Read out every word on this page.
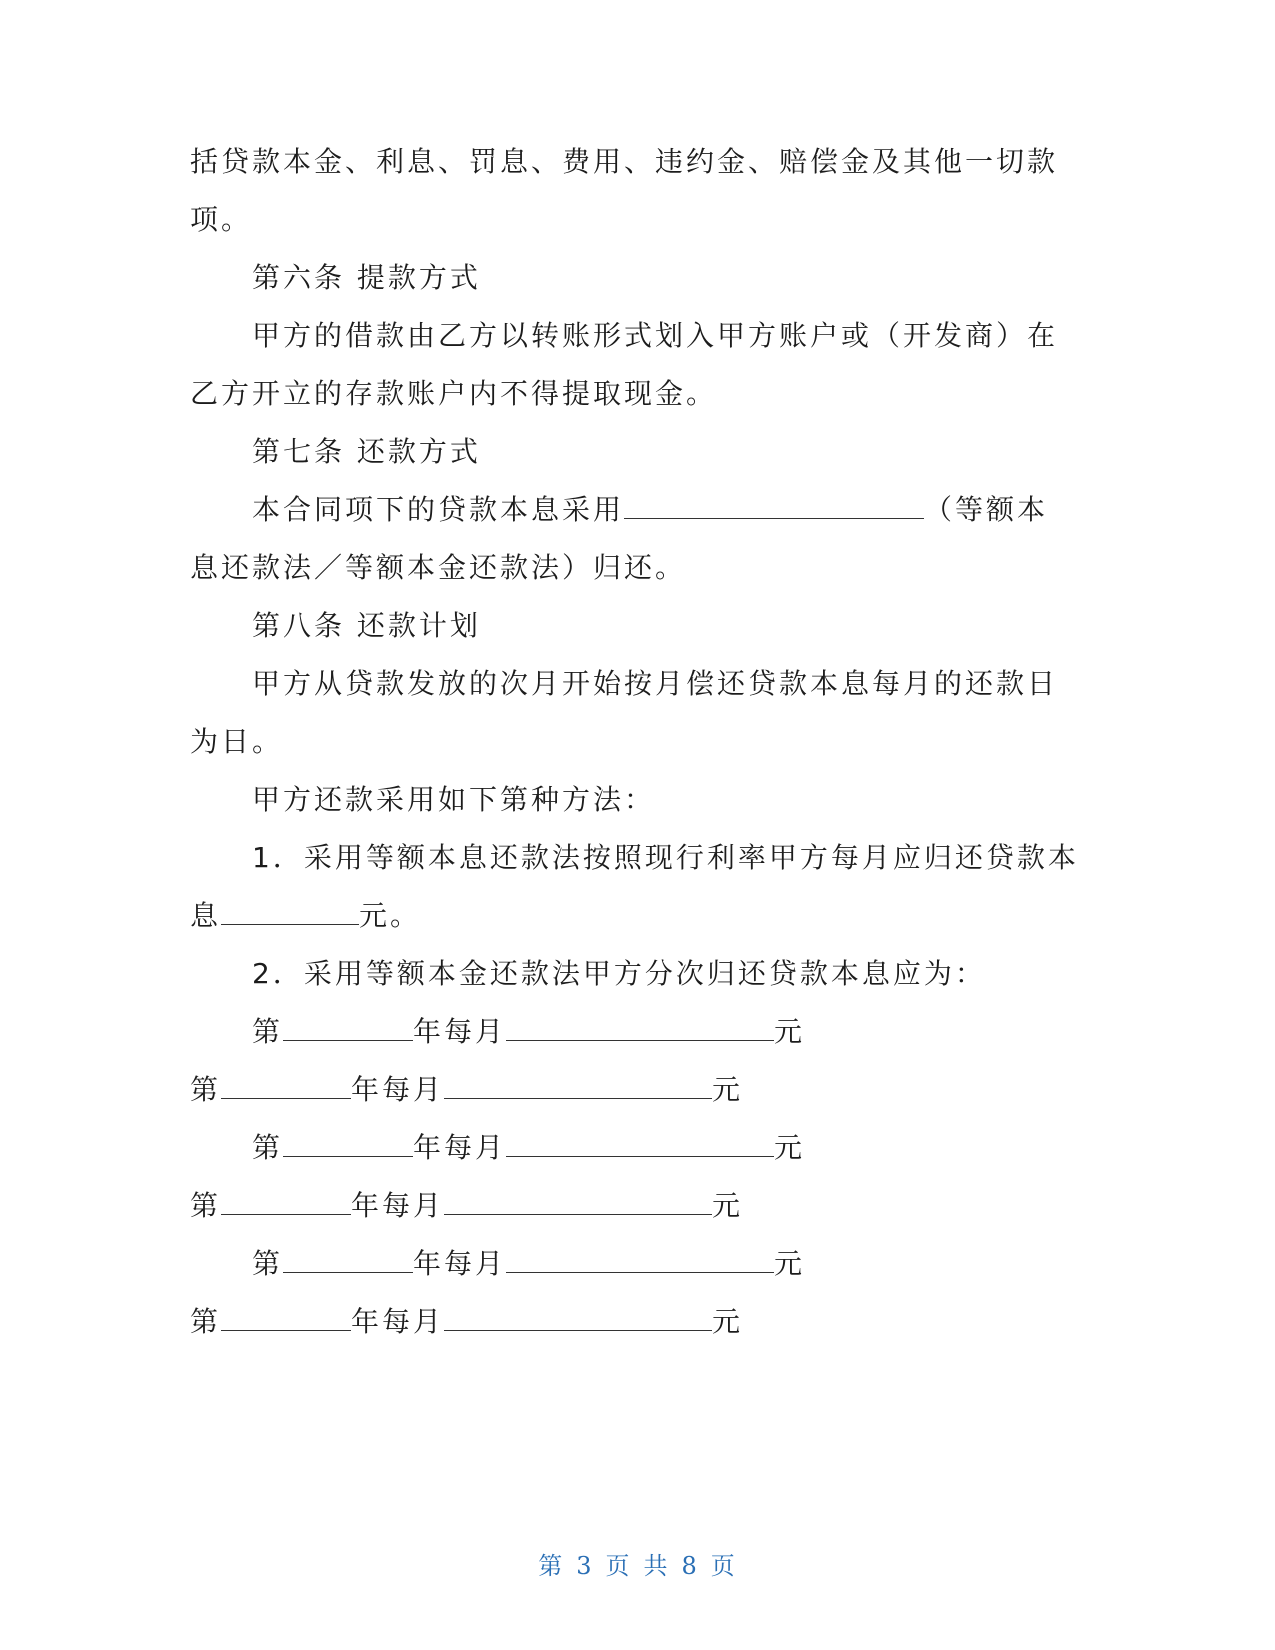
括贷款本金、利息、罚息、费用、违约金、赔偿金及其他一切款
项。
第六条 提款方式
甲方的借款由乙方以转账形式划入甲方账户或（开发商）在
乙方开立的存款账户内不得提取现金。
第七条 还款方式
本合同项下的贷款本息采用	（等额本
息还款法／等额本金还款法）归还。
第八条 还款计划
甲方从贷款发放的次月开始按月偿还贷款本息每月的还款日
为日。
甲方还款采用如下第种方法：
1．采用等额本息还款法按照现行利率甲方每月应归还贷款本
息	元。
2．采用等额本金还款法甲方分次归还贷款本息应为：
第	年每月	元
第	年每月	元
第	年每月	元
第	年每月	元
第	年每月	元
第	年每月	元
第 3 页 共 8 页
